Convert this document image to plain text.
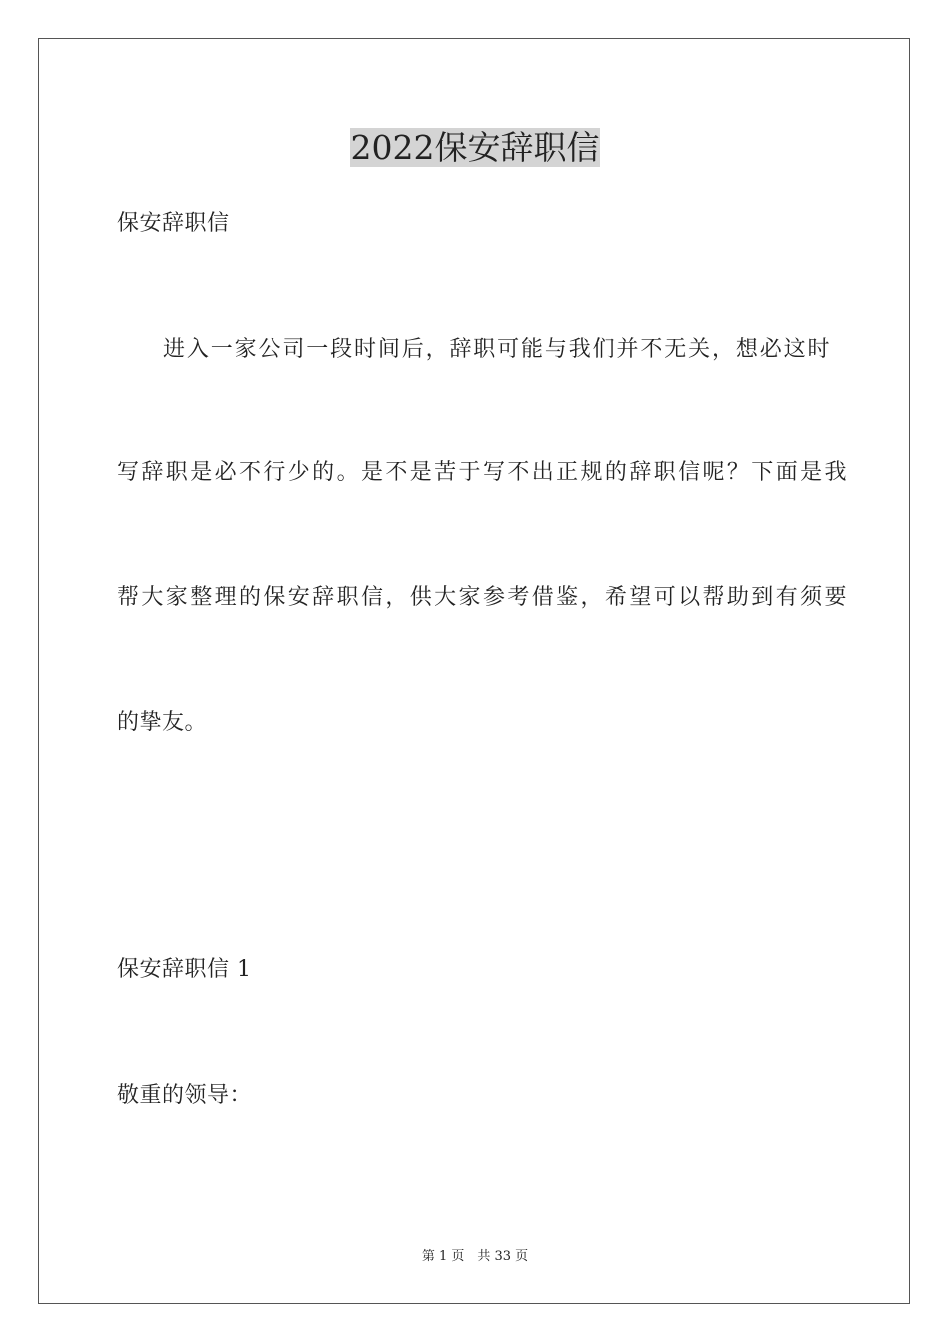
2022保安辞职信
保安辞职信
进入一家公司一段时间后，辞职可能与我们并不无关，想必这时
写辞职是必不行少的。是不是苦于写不出正规的辞职信呢？下面是我
帮大家整理的保安辞职信，供大家参考借鉴，希望可以帮助到有须要
的挚友。
保安辞职信 1
敬重的领导：
第 1 页　共 33 页
